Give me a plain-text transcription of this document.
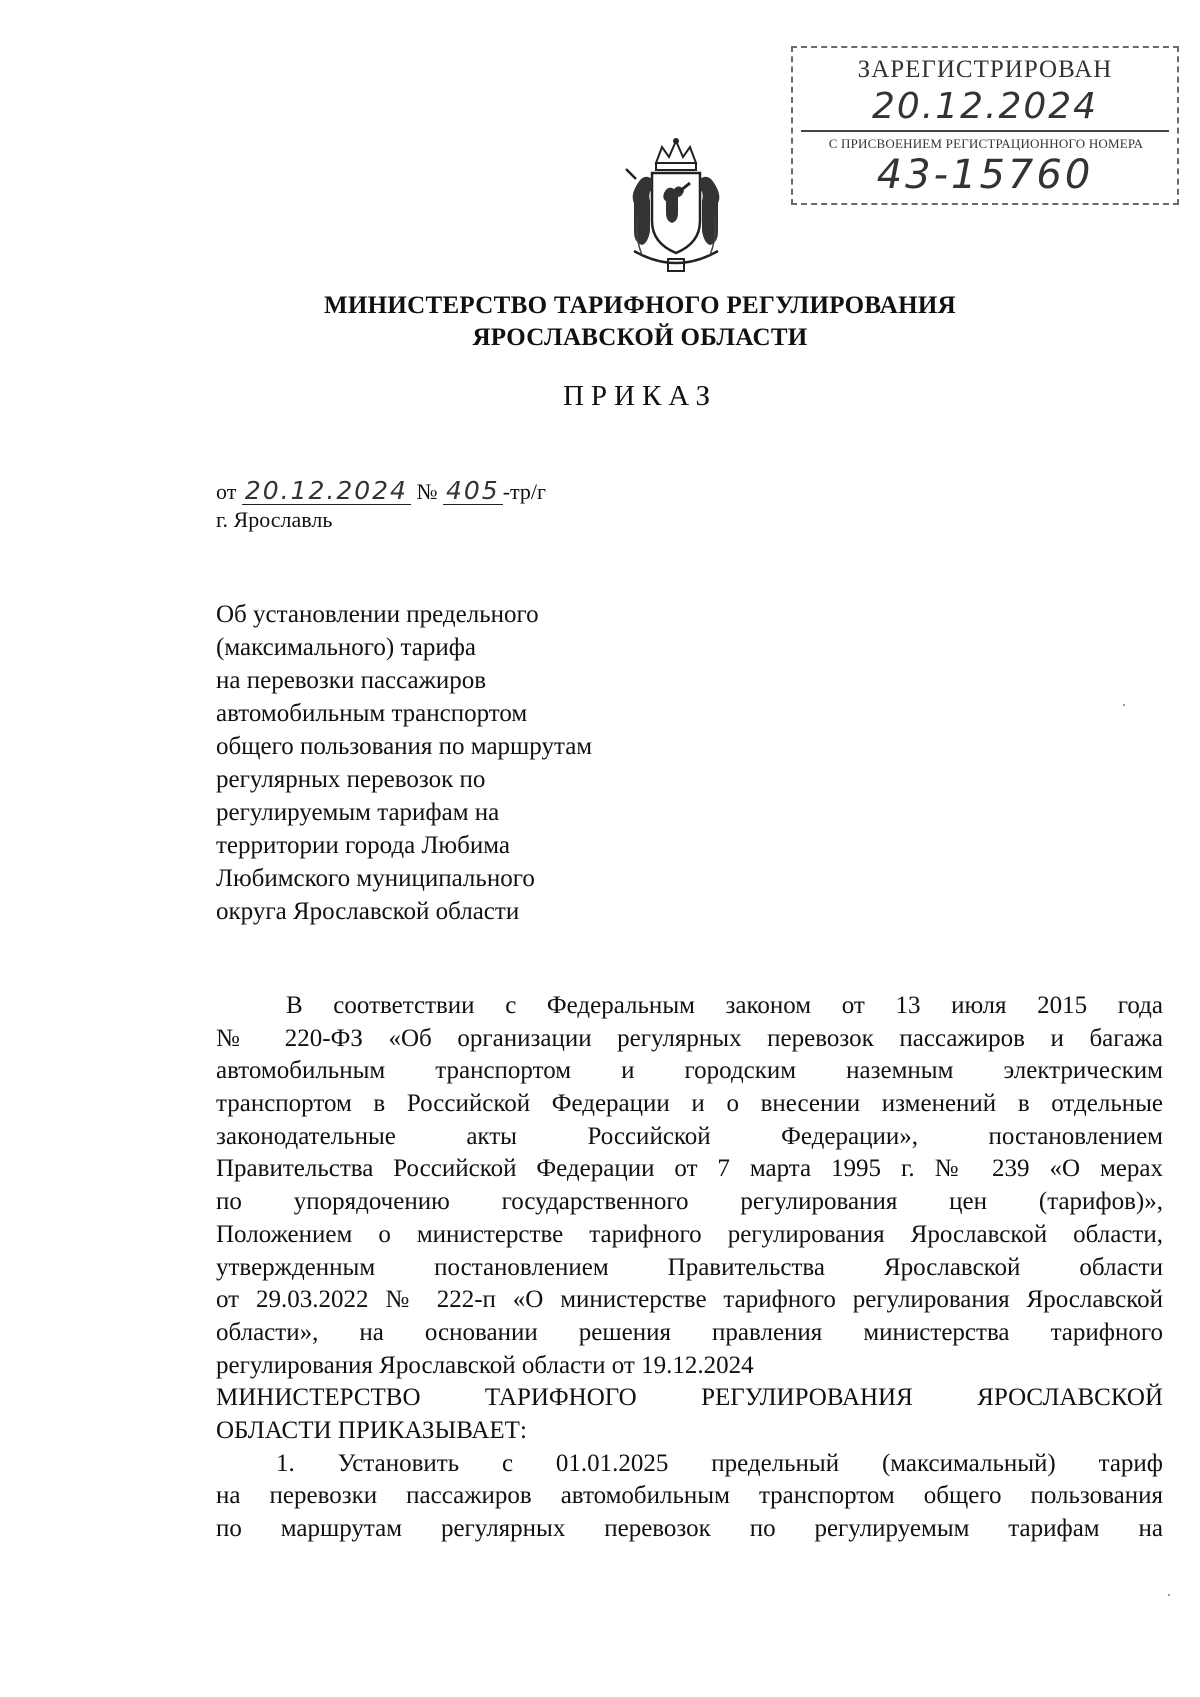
ЗАРЕГИСТРИРОВАН
20.12.2024
С ПРИСВОЕНИЕМ РЕГИСТРАЦИОННОГО НОМЕРА
43-15760
МИНИСТЕРСТВО ТАРИФНОГО РЕГУЛИРОВАНИЯ
ЯРОСЛАВСКОЙ ОБЛАСТИ
ПРИКАЗ
от 20.12.2024 № 405 -тр/г
г. Ярославль
Об установлении предельного
(максимального) тарифа
на перевозки пассажиров
автомобильным транспортом
общего пользования по маршрутам
регулярных перевозок по
регулируемым тарифам на
территории города Любима
Любимского муниципального
округа Ярославской области
В соответствии с Федеральным законом от 13 июля 2015 года
№ 220-ФЗ «Об организации регулярных перевозок пассажиров и багажа
автомобильным транспортом и городским наземным электрическим
транспортом в Российской Федерации и о внесении изменений в отдельные
законодательные акты Российской Федерации», постановлением
Правительства Российской Федерации от 7 марта 1995 г. № 239 «О мерах
по упорядочению государственного регулирования цен (тарифов)»,
Положением о министерстве тарифного регулирования Ярославской области,
утвержденным постановлением Правительства Ярославской области
от 29.03.2022 № 222-п «О министерстве тарифного регулирования Ярославской
области», на основании решения правления министерства тарифного
регулирования Ярославской области от 19.12.2024
МИНИСТЕРСТВО ТАРИФНОГО РЕГУЛИРОВАНИЯ ЯРОСЛАВСКОЙ
ОБЛАСТИ ПРИКАЗЫВАЕТ:
1. Установить с 01.01.2025 предельный (максимальный) тариф
на перевозки пассажиров автомобильным транспортом общего пользования
по маршрутам регулярных перевозок по регулируемым тарифам на
